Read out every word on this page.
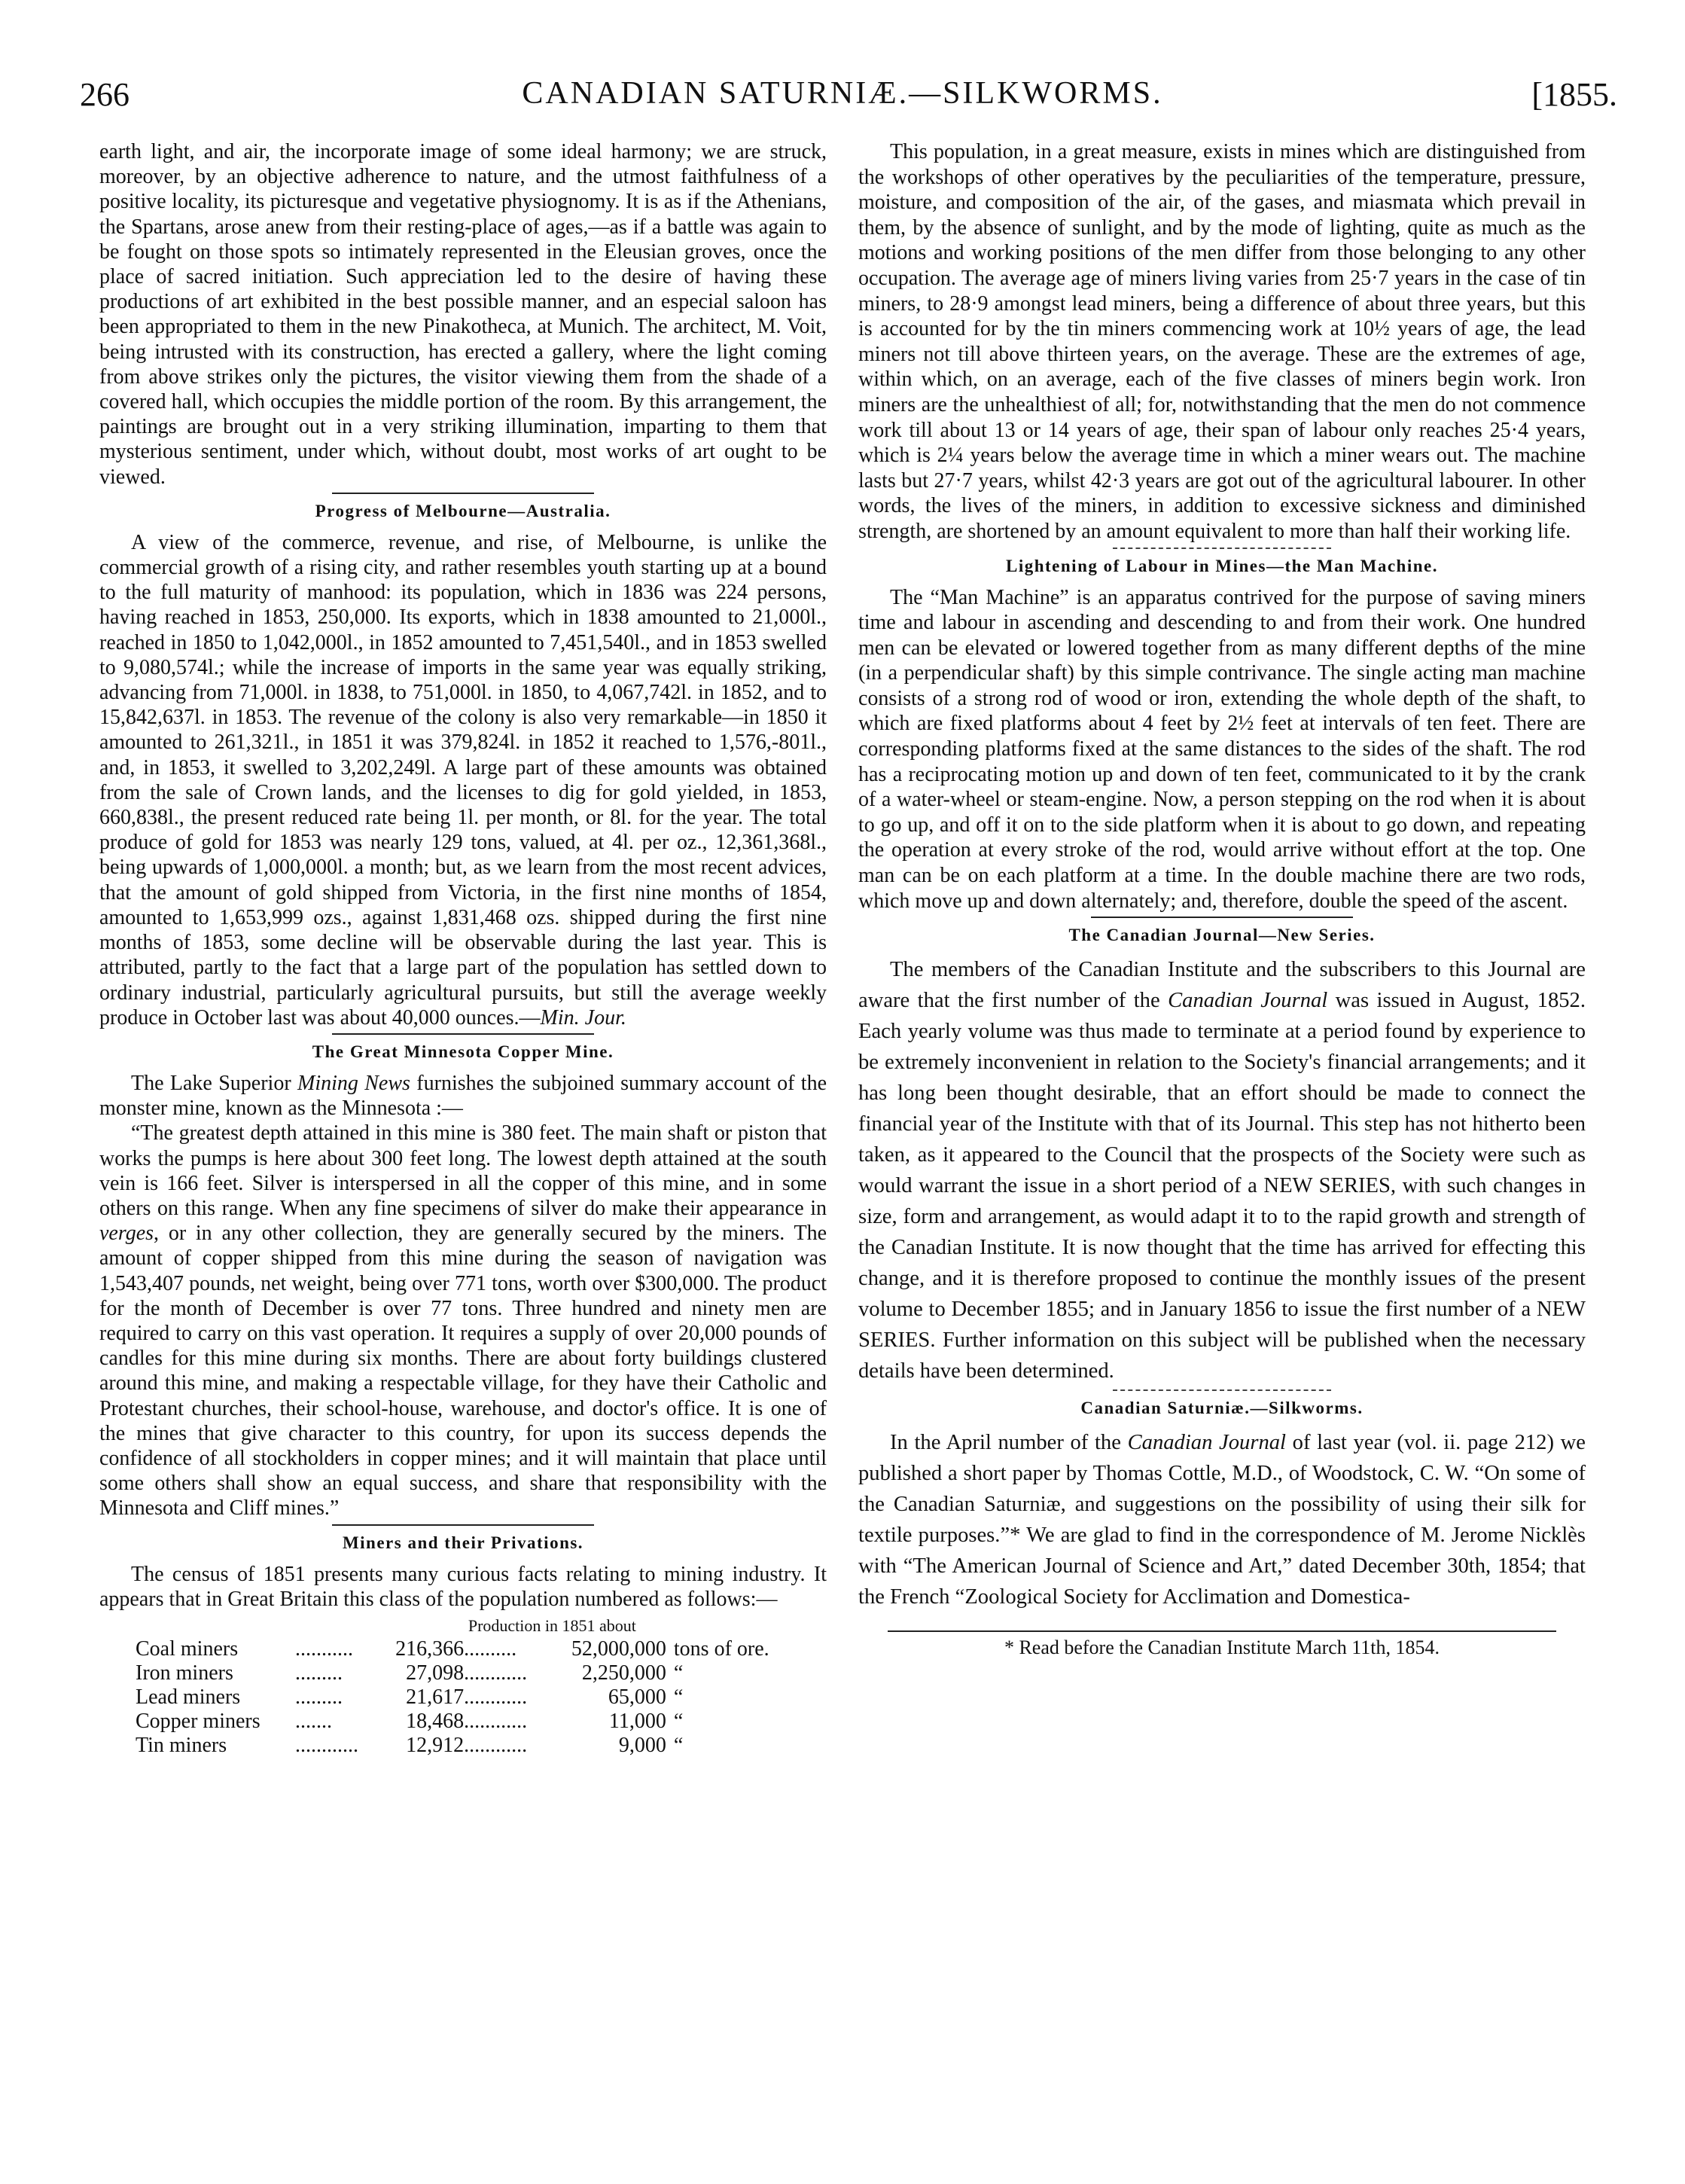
266	CANADIAN SATURNIÆ.—SILKWORMS.	[1855.

earth light, and air, the incorporate image of some ideal harmony; we are struck, moreover, by an objective adherence to nature, and the utmost faithfulness of a positive locality, its picturesque and vegetative physiognomy. It is as if the Athenians, the Spartans, arose anew from their resting-place of ages,—as if a battle was again to be fought on those spots so intimately represented in the Eleusian groves, once the place of sacred initiation. Such appreciation led to the desire of having these productions of art exhibited in the best possible manner, and an especial saloon has been appropriated to them in the new Pinakotheca, at Munich. The architect, M. Voit, being intrusted with its construction, has erected a gallery, where the light coming from above strikes only the pictures, the visitor viewing them from the shade of a covered hall, which occupies the middle portion of the room. By this arrangement, the paintings are brought out in a very striking illumination, imparting to them that mysterious sentiment, under which, without doubt, most works of art ought to be viewed.

Progress of Melbourne—Australia.

A view of the commerce, revenue, and rise, of Melbourne, is unlike the commercial growth of a rising city, and rather resembles youth starting up at a bound to the full maturity of manhood: its population, which in 1836 was 224 persons, having reached in 1853, 250,000. Its exports, which in 1838 amounted to 21,000l., reached in 1850 to 1,042,000l., in 1852 amounted to 7,451,540l., and in 1853 swelled to 9,080,574l.; while the increase of imports in the same year was equally striking, advancing from 71,000l. in 1838, to 751,000l. in 1850, to 4,067,742l. in 1852, and to 15,842,637l. in 1853. The revenue of the colony is also very remarkable—in 1850 it amounted to 261,321l., in 1851 it was 379,824l. in 1852 it reached to 1,576,-801l., and, in 1853, it swelled to 3,202,249l. A large part of these amounts was obtained from the sale of Crown lands, and the licenses to dig for gold yielded, in 1853, 660,838l., the present reduced rate being 1l. per month, or 8l. for the year. The total produce of gold for 1853 was nearly 129 tons, valued, at 4l. per oz., 12,361,368l., being upwards of 1,000,000l. a month; but, as we learn from the most recent advices, that the amount of gold shipped from Victoria, in the first nine months of 1854, amounted to 1,653,999 ozs., against 1,831,468 ozs. shipped during the first nine months of 1853, some decline will be observable during the last year. This is attributed, partly to the fact that a large part of the population has settled down to ordinary industrial, particularly agricultural pursuits, but still the average weekly produce in October last was about 40,000 ounces.—Min. Jour.

The Great Minnesota Copper Mine.

The Lake Superior Mining News furnishes the subjoined summary account of the monster mine, known as the Minnesota :—

“The greatest depth attained in this mine is 380 feet. The main shaft or piston that works the pumps is here about 300 feet long. The lowest depth attained at the south vein is 166 feet. Silver is interspersed in all the copper of this mine, and in some others on this range. When any fine specimens of silver do make their appearance in verges, or in any other collection, they are generally secured by the miners. The amount of copper shipped from this mine during the season of navigation was 1,543,407 pounds, net weight, being over 771 tons, worth over $300,000. The product for the month of December is over 77 tons. Three hundred and ninety men are required to carry on this vast operation. It requires a supply of over 20,000 pounds of candles for this mine during six months. There are about forty buildings clustered around this mine, and making a respectable village, for they have their Catholic and Protestant churches, their school-house, warehouse, and doctor's office. It is one of the mines that give character to this country, for upon its success depends the confidence of all stockholders in copper mines; and it will maintain that place until some others shall show an equal success, and share that responsibility with the Minnesota and Cliff mines.”

Miners and their Privations.

The census of 1851 presents many curious facts relating to mining industry. It appears that in Great Britain this class of the population numbered as follows:—

		Production in 1851 about			
Coal miners	...........	216,366	..........	52,000,000	tons of ore.
Iron miners	.........	27,098	............	2,250,000	“
Lead miners	.........	21,617	............	65,000	“
Copper miners	.......	18,468	............	11,000	“
Tin miners	............	12,912	............	9,000	“

This population, in a great measure, exists in mines which are distinguished from the workshops of other operatives by the peculiarities of the temperature, pressure, moisture, and composition of the air, of the gases, and miasmata which prevail in them, by the absence of sunlight, and by the mode of lighting, quite as much as the motions and working positions of the men differ from those belonging to any other occupation. The average age of miners living varies from 25·7 years in the case of tin miners, to 28·9 amongst lead miners, being a difference of about three years, but this is accounted for by the tin miners commencing work at 10½ years of age, the lead miners not till above thirteen years, on the average. These are the extremes of age, within which, on an average, each of the five classes of miners begin work. Iron miners are the unhealthiest of all; for, notwithstanding that the men do not commence work till about 13 or 14 years of age, their span of labour only reaches 25·4 years, which is 2¼ years below the average time in which a miner wears out. The machine lasts but 27·7 years, whilst 42·3 years are got out of the agricultural labourer. In other words, the lives of the miners, in addition to excessive sickness and diminished strength, are shortened by an amount equivalent to more than half their working life.

Lightening of Labour in Mines—the Man Machine.

The “Man Machine” is an apparatus contrived for the purpose of saving miners time and labour in ascending and descending to and from their work. One hundred men can be elevated or lowered together from as many different depths of the mine (in a perpendicular shaft) by this simple contrivance. The single acting man machine consists of a strong rod of wood or iron, extending the whole depth of the shaft, to which are fixed platforms about 4 feet by 2½ feet at intervals of ten feet. There are corresponding platforms fixed at the same distances to the sides of the shaft. The rod has a reciprocating motion up and down of ten feet, communicated to it by the crank of a water-wheel or steam-engine. Now, a person stepping on the rod when it is about to go up, and off it on to the side platform when it is about to go down, and repeating the operation at every stroke of the rod, would arrive without effort at the top. One man can be on each platform at a time. In the double machine there are two rods, which move up and down alternately; and, therefore, double the speed of the ascent.

The Canadian Journal—New Series.

The members of the Canadian Institute and the subscribers to this Journal are aware that the first number of the Canadian Journal was issued in August, 1852. Each yearly volume was thus made to terminate at a period found by experience to be extremely inconvenient in relation to the Society's financial arrangements; and it has long been thought desirable, that an effort should be made to connect the financial year of the Institute with that of its Journal. This step has not hitherto been taken, as it appeared to the Council that the prospects of the Society were such as would warrant the issue in a short period of a NEW SERIES, with such changes in size, form and arrangement, as would adapt it to to the rapid growth and strength of the Canadian Institute. It is now thought that the time has arrived for effecting this change, and it is therefore proposed to continue the monthly issues of the present volume to December 1855; and in January 1856 to issue the first number of a NEW SERIES. Further information on this subject will be published when the necessary details have been determined.

Canadian Saturniæ.—Silkworms.

In the April number of the Canadian Journal of last year (vol. ii. page 212) we published a short paper by Thomas Cottle, M.D., of Woodstock, C. W. “On some of the Canadian Saturniæ, and suggestions on the possibility of using their silk for textile purposes.”* We are glad to find in the correspondence of M. Jerome Nicklès with “The American Journal of Science and Art,” dated December 30th, 1854; that the French “Zoological Society for Acclimation and Domestica-

* Read before the Canadian Institute March 11th, 1854.
